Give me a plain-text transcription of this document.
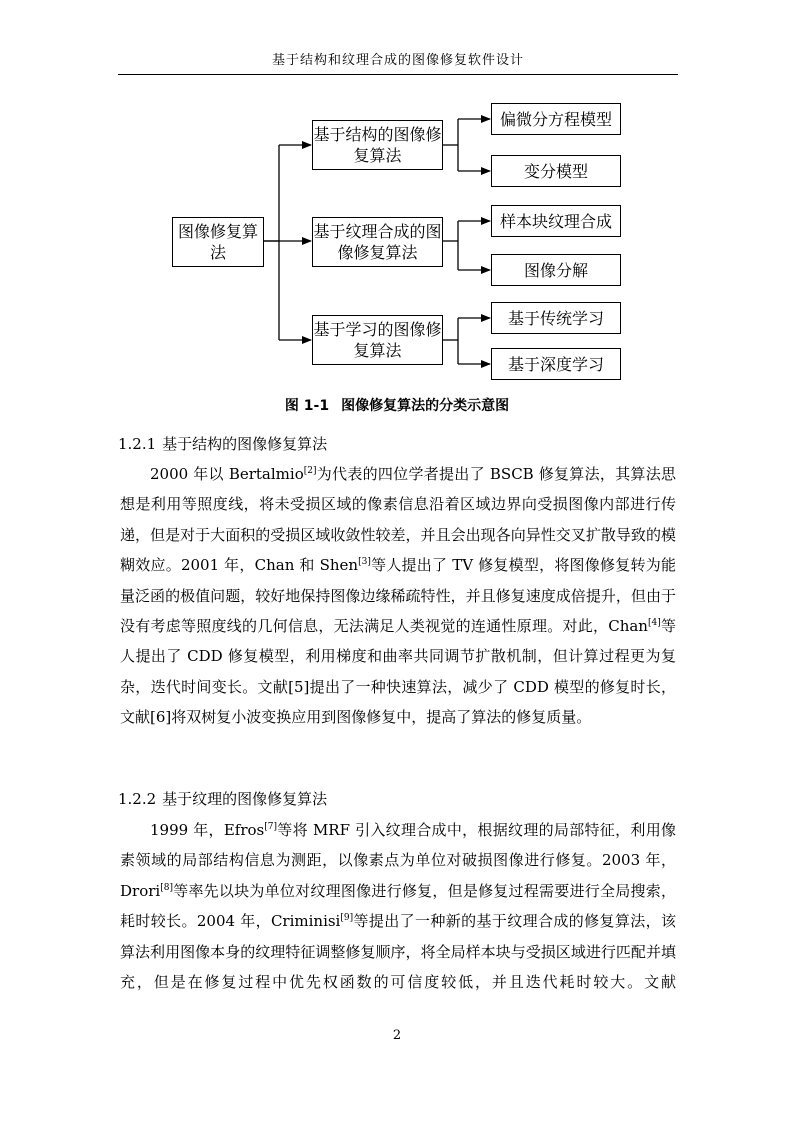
基于结构和纹理合成的图像修复软件设计
图像修复算法
基于结构的图像修复算法
基于纹理合成的图像修复算法
基于学习的图像修复算法
偏微分方程模型
变分模型
样本块纹理合成
图像分解
基于传统学习
基于深度学习
图 1-1 图像修复算法的分类示意图
1.2.1 基于结构的图像修复算法

2000 年以 Bertalmio[2]为代表的四位学者提出了 BSCB 修复算法，其算法思想是利用等照度线，将未受损区域的像素信息沿着区域边界向受损图像内部进行传递，但是对于大面积的受损区域收敛性较差，并且会出现各向异性交叉扩散导致的模糊效应。2001 年，Chan 和 Shen[3]等人提出了 TV 修复模型，将图像修复转为能量泛函的极值问题，较好地保持图像边缘稀疏特性，并且修复速度成倍提升，但由于没有考虑等照度线的几何信息，无法满足人类视觉的连通性原理。对此，Chan[4]等人提出了 CDD 修复模型，利用梯度和曲率共同调节扩散机制，但计算过程更为复杂，迭代时间变长。文献[5]提出了一种快速算法，减少了 CDD 模型的修复时长，文献[6]将双树复小波变换应用到图像修复中，提高了算法的修复质量。

1.2.2 基于纹理的图像修复算法

1999 年，Efros[7]等将 MRF 引入纹理合成中，根据纹理的局部特征，利用像素领域的局部结构信息为测距，以像素点为单位对破损图像进行修复。2003 年，Drori[8]等率先以块为单位对纹理图像进行修复，但是修复过程需要进行全局搜索，耗时较长。2004 年，Criminisi[9]等提出了一种新的基于纹理合成的修复算法，该算法利用图像本身的纹理特征调整修复顺序，将全局样本块与受损区域进行匹配并填充，但是在修复过程中优先权函数的可信度较低，并且迭代耗时较大。文献

2
